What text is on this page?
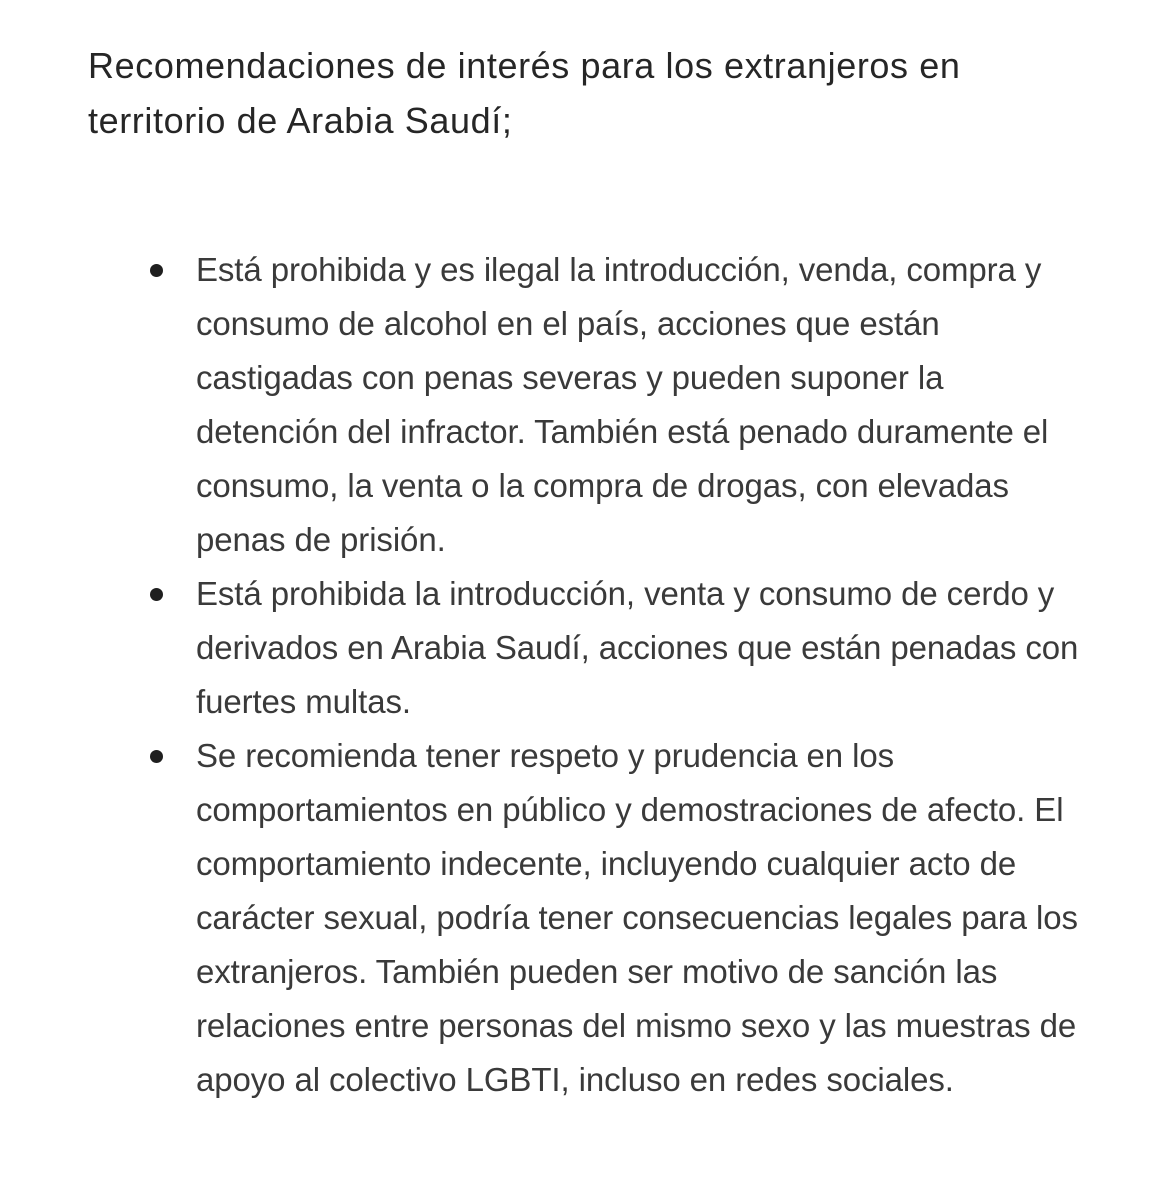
Recomendaciones de interés para los extranjeros en territorio de Arabia Saudí;
Está prohibida y es ilegal la introducción, venda, compra y consumo de alcohol en el país, acciones que están castigadas con penas severas y pueden suponer la detención del infractor. También está penado duramente el consumo, la venta o la compra de drogas, con elevadas penas de prisión.
Está prohibida la introducción, venta y consumo de cerdo y derivados en Arabia Saudí, acciones que están penadas con fuertes multas.
Se recomienda tener respeto y prudencia en los comportamientos en público y demostraciones de afecto. El comportamiento indecente, incluyendo cualquier acto de carácter sexual, podría tener consecuencias legales para los extranjeros. También pueden ser motivo de sanción las relaciones entre personas del mismo sexo y las muestras de apoyo al colectivo LGBTI, incluso en redes sociales.
